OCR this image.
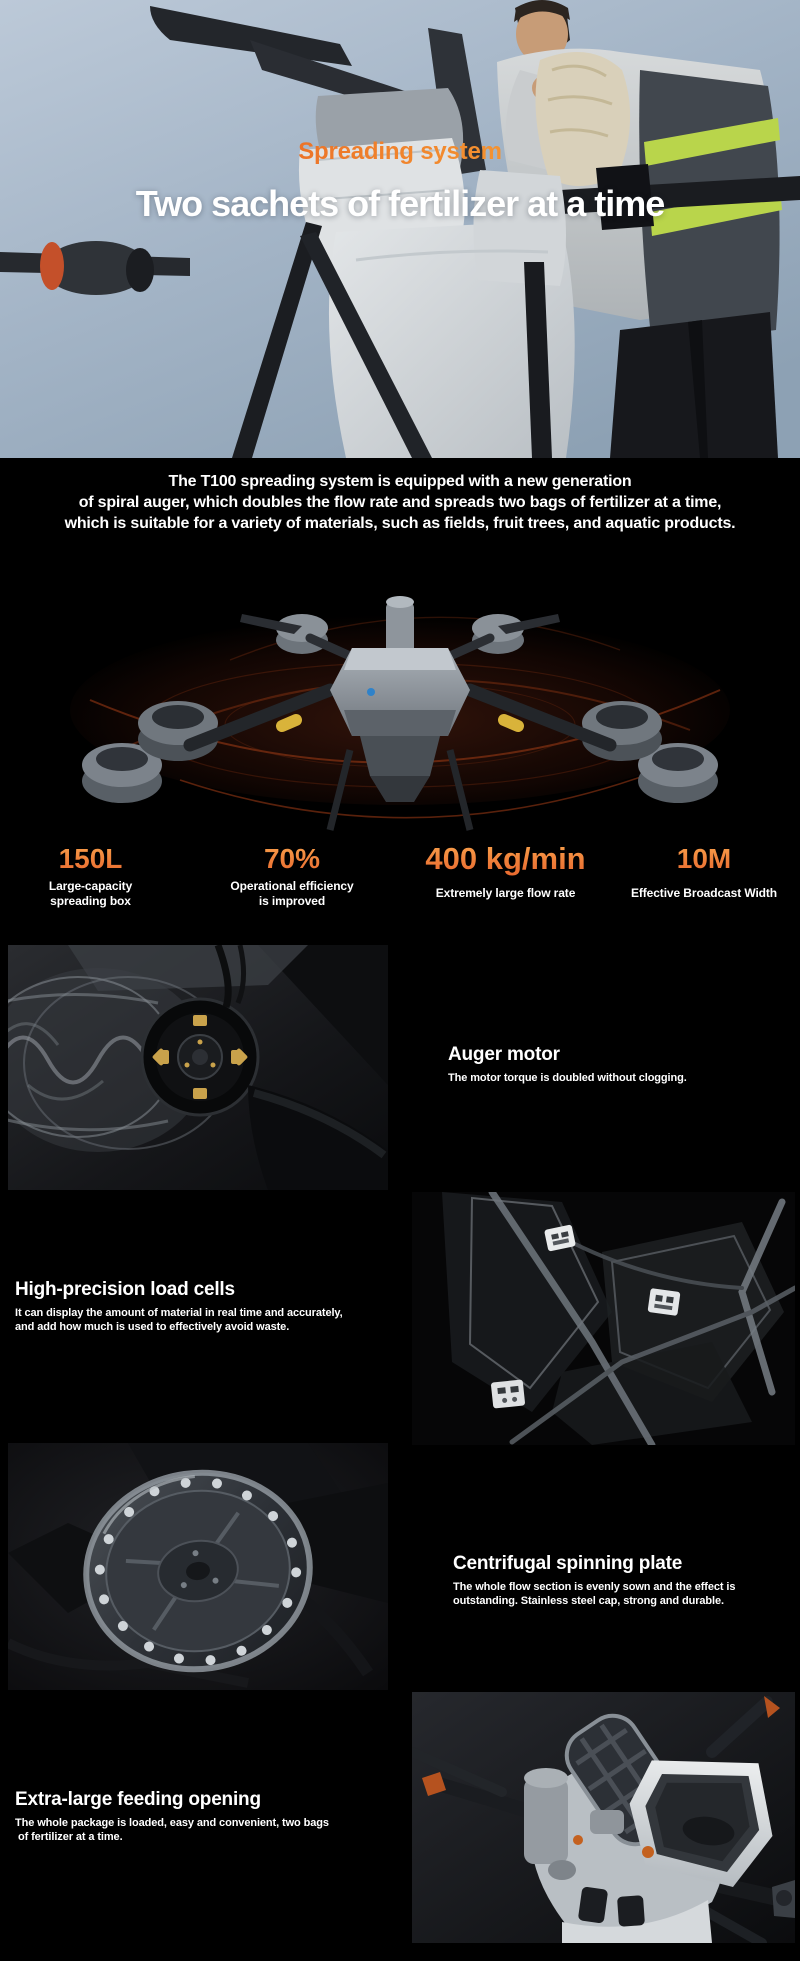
Spreading system
Two sachets of fertilizer at a time
The T100 spreading system is equipped with a new generation
of spiral auger, which doubles the flow rate and spreads two bags of fertilizer at a time,
which is suitable for a variety of materials, such as fields, fruit trees, and aquatic products.
150L
Large-capacity
spreading box
70%
Operational efficiency
is improved
400 kg/min
Extremely large flow rate
10M
Effective Broadcast Width
Auger motor
The motor torque is doubled without clogging.
High-precision load cells
It can display the amount of material in real time and accurately,
and add how much is used to effectively avoid waste.
Centrifugal spinning plate
The whole flow section is evenly sown and the effect is
outstanding. Stainless steel cap, strong and durable.
Extra-large feeding opening
The whole package is loaded, easy and convenient, two bags
of fertilizer at a time.
